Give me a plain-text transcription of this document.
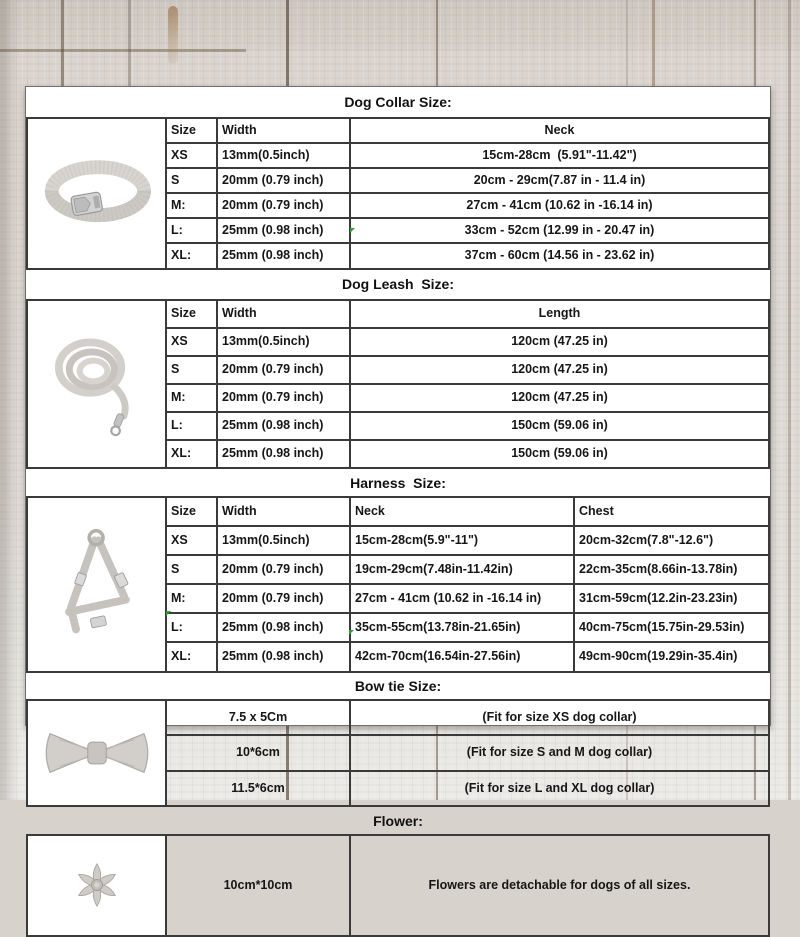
Dog Collar Size:

	Size	Width	Neck
	XS	13mm(0.5inch)	15cm-28cm  (5.91"-11.42")
	S	20mm (0.79 inch)	20cm - 29cm(7.87 in - 11.4 in)
	M:	20mm (0.79 inch)	27cm - 41cm (10.62 in -16.14 in)
	L:	25mm (0.98 inch)	33cm - 52cm (12.99 in - 20.47 in)
	XL:	25mm (0.98 inch)	37cm - 60cm (14.56 in - 23.62 in)
Dog Leash  Size:

	Size	Width	Length
	XS	13mm(0.5inch)	120cm (47.25 in)
	S	20mm (0.79 inch)	120cm (47.25 in)
	M:	20mm (0.79 inch)	120cm (47.25 in)
	L:	25mm (0.98 inch)	150cm (59.06 in)
	XL:	25mm (0.98 inch)	150cm (59.06 in)
Harness  Size:

	Size	Width	Neck	Chest
	XS	13mm(0.5inch)	15cm-28cm(5.9"-11")	20cm-32cm(7.8"-12.6")
	S	20mm (0.79 inch)	19cm-29cm(7.48in-11.42in)	22cm-35cm(8.66in-13.78in)
	M:	20mm (0.79 inch)	27cm - 41cm (10.62 in -16.14 in)	31cm-59cm(12.2in-23.23in)
	L:	25mm (0.98 inch)	35cm-55cm(13.78in-21.65in)	40cm-75cm(15.75in-29.53in)
	XL:	25mm (0.98 inch)	42cm-70cm(16.54in-27.56in)	49cm-90cm(19.29in-35.4in)
Bow tie Size:

	7.5 x 5Cm	(Fit for size XS dog collar)
	10*6cm	(Fit for size S and M dog collar)
	11.5*6cm	(Fit for size L and XL dog collar)
Flower:

	10cm*10cm	Flowers are detachable for dogs of all sizes.
